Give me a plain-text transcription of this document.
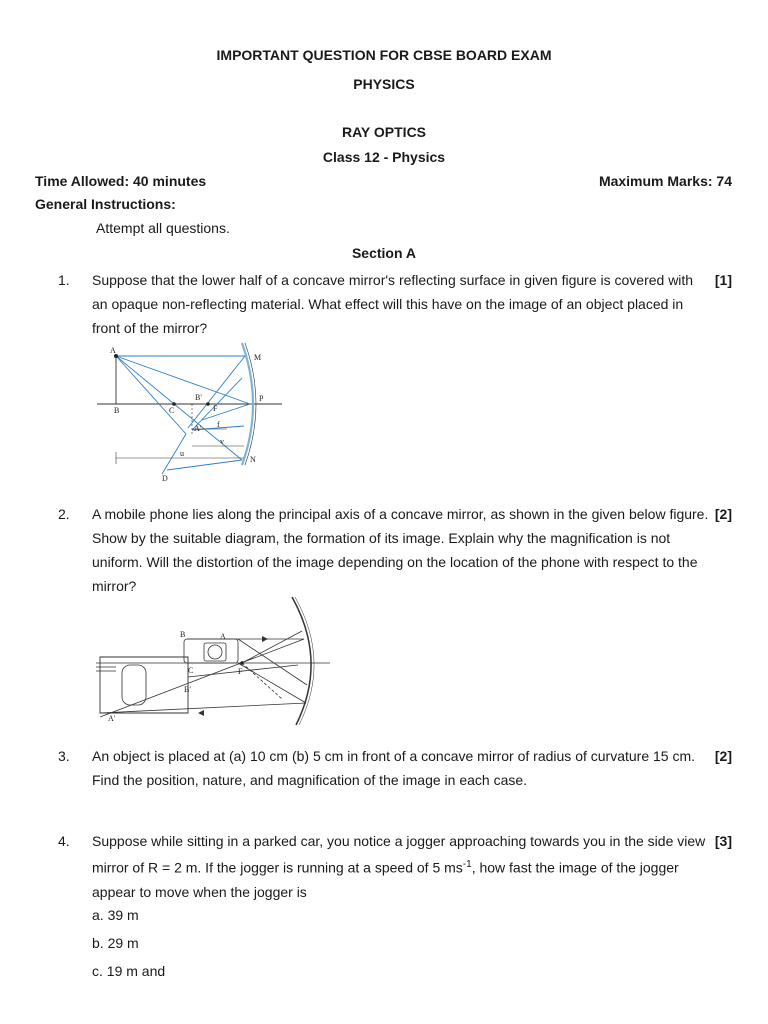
IMPORTANT QUESTION FOR CBSE BOARD EXAM
PHYSICS
RAY OPTICS
Class 12 - Physics
Time Allowed: 40 minutes	Maximum Marks: 74
General Instructions:
Attempt all questions.
Section A
1. Suppose that the lower half of a concave mirror's reflecting surface in given figure is covered with an opaque non-reflecting material. What effect will this have on the image of an object placed in front of the mirror?
[1]
A
M
B	C
B'
F
P
A' f
v
u
N
D
2. A mobile phone lies along the principal axis of a concave mirror, as shown in the given below figure. Show by the suitable diagram, the formation of its image. Explain why the magnification is not uniform. Will the distortion of the image depending on the location of the phone with respect to the mirror?
[2]
B	A
C	F
B'
A'
3. An object is placed at (a) 10 cm (b) 5 cm in front of a concave mirror of radius of curvature 15 cm. Find the position, nature, and magnification of the image in each case.
[2]
4. Suppose while sitting in a parked car, you notice a jogger approaching towards you in the side view mirror of R = 2 m. If the jogger is running at a speed of 5 $ms^{-1}$, how fast the image of the jogger appear to move when the jogger is
[3]
a. 39 m
b. 29 m
c. 19 m and
